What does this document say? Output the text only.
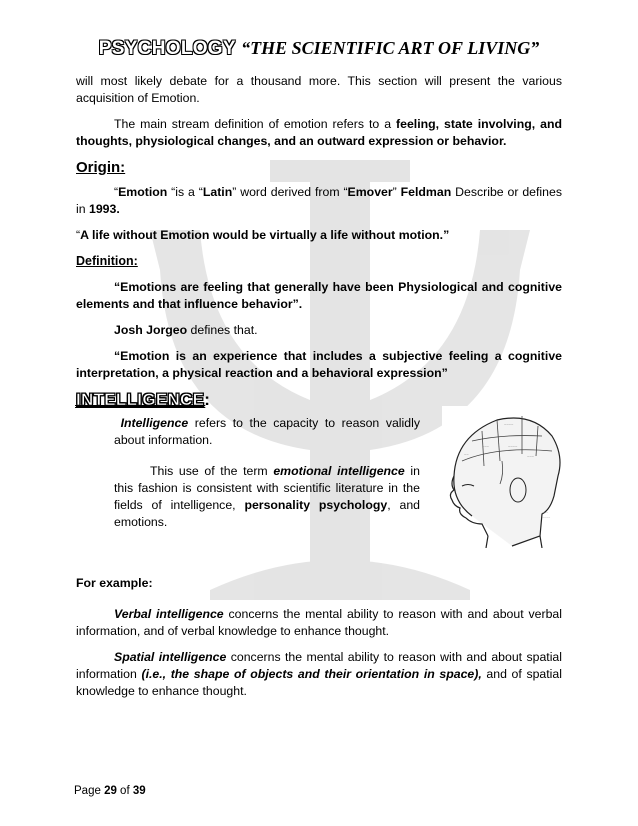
PSYCHOLOGY “THE SCIENTIFIC ART OF LIVING”

will most likely debate for a thousand more. This section will present the various acquisition of Emotion.

The main stream definition of emotion refers to a feeling, state involving, and thoughts, physiological changes, and an outward expression or behavior.

Origin:

“Emotion “is a “Latin” word derived from “Emover” Feldman Describe or defines in 1993.

“A life without Emotion would be virtually a life without motion.”

Definition:

“Emotions are feeling that generally have been Physiological and cognitive elements and that influence behavior”.

Josh Jorgeo defines that.

“Emotion is an experience that includes a subjective feeling a cognitive interpretation, a physical reaction and a behavioral expression”

INTELLIGENCE:

Intelligence refers to the capacity to reason validly about information.

This use of the term emotional intelligence in this fashion is consistent with scientific literature in the fields of intelligence, personality psychology, and emotions.

~~~~
~~~	~~~~
~~~
~~
~~~
~~~~

For example:

Verbal intelligence concerns the mental ability to reason with and about verbal information, and of verbal knowledge to enhance thought.

Spatial intelligence concerns the mental ability to reason with and about spatial information (i.e., the shape of objects and their orientation in space), and of spatial knowledge to enhance thought.

Page 29 of 39
